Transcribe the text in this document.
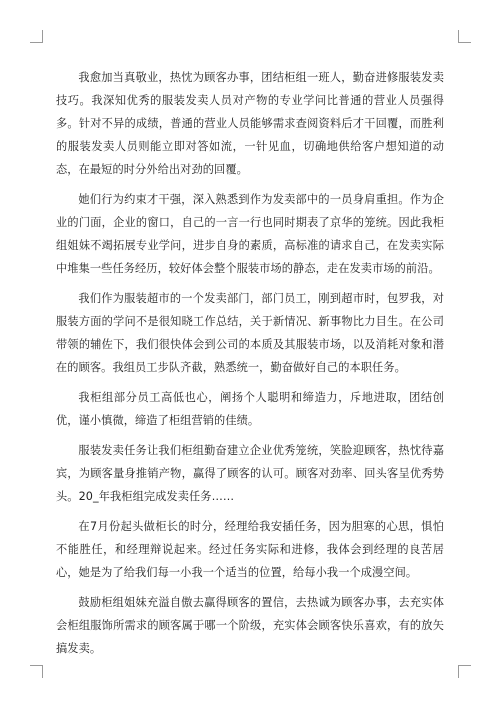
我愈加当真敬业，热忱为顾客办事，团结柜组一班人，勤奋进修服装发卖技巧。我深知优秀的服装发卖人员对产物的专业学问比普通的营业人员强得多。针对不异的成绩，普通的营业人员能够需求查阅资料后才干回覆，而胜利的服装发卖人员则能立即对答如流，一针见血，切确地供给客户想知道的动态，在最短的时分外给出对劲的回覆。

她们行为约束才干强，深入熟悉到作为发卖部中的一员身肩重担。作为企业的门面，企业的窗口，自己的一言一行也同时期表了京华的笼统。因此我柜组姐妹不竭拓展专业学问，进步自身的素质，高标准的请求自己，在发卖实际中堆集一些任务经历，较好体会整个服装市场的静态，走在发卖市场的前沿。

我们作为服装超市的一个发卖部门，部门员工，刚到超市时，包罗我，对服装方面的学问不是很知晓工作总结，关于新情况、新事物比力目生。在公司带领的辅佐下，我们很快体会到公司的本质及其服装市场，以及消耗对象和潜在的顾客。我组员工步队齐截，熟悉统一，勤奋做好自己的本职任务。

我柜组部分员工高低也心，阐扬个人聪明和缔造力，斥地进取，团结创优，谨小慎微，缔造了柜组营销的佳绩。

服装发卖任务让我们柜组勤奋建立企业优秀笼统，笑脸迎顾客，热忱待嘉宾，为顾客量身推销产物，赢得了顾客的认可。顾客对劲率、回头客呈优秀势头。20_年我柜组完成发卖任务……

在7月份起头做柜长的时分，经理给我安插任务，因为胆寒的心思，惧怕不能胜任，和经理辩说起来。经过任务实际和进修，我体会到经理的良苦居心，她是为了给我们每一小我一个适当的位置，给每小我一个成漫空间。

鼓励柜组姐妹充溢自傲去赢得顾客的置信，去热诚为顾客办事，去充实体会柜组服饰所需求的顾客属于哪一个阶级，充实体会顾客快乐喜欢，有的放矢搞发卖。
